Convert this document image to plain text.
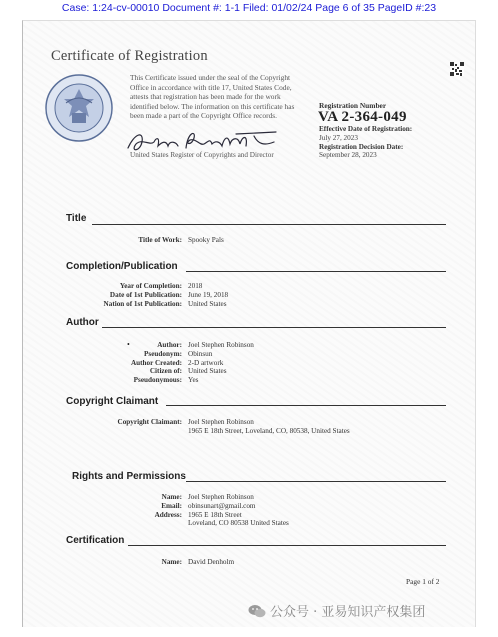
Case: 1:24-cv-00010 Document #: 1-1 Filed: 01/02/24 Page 6 of 35 PageID #:23
Certificate of Registration
This Certificate issued under the seal of the Copyright Office in accordance with title 17, United States Code, attests that registration has been made for the work identified below. The information on this certificate has been made a part of the Copyright Office records.
United States Register of Copyrights and Director
Registration Number
VA 2-364-049
Effective Date of Registration:
July 27, 2023
Registration Decision Date:
September 28, 2023
Title
Title of Work: Spooky Pals
Completion/Publication
Year of Completion: 2018
Date of 1st Publication: June 19, 2018
Nation of 1st Publication: United States
Author
•	Author: Joel Stephen Robinson
Pseudonym: Obinsun
Author Created: 2-D artwork
Citizen of: United States
Pseudonymous: Yes
Copyright Claimant
Copyright Claimant: Joel Stephen Robinson
1965 E 18th Street, Loveland, CO, 80538, United States
Rights and Permissions
Name: Joel Stephen Robinson
Email: obinsunart@gmail.com
Address: 1965 E 18th Street
Loveland, CO 80538 United States
Certification
Name: David Denholm
Page 1 of 2
公众号 · 亚易知识产权集团
